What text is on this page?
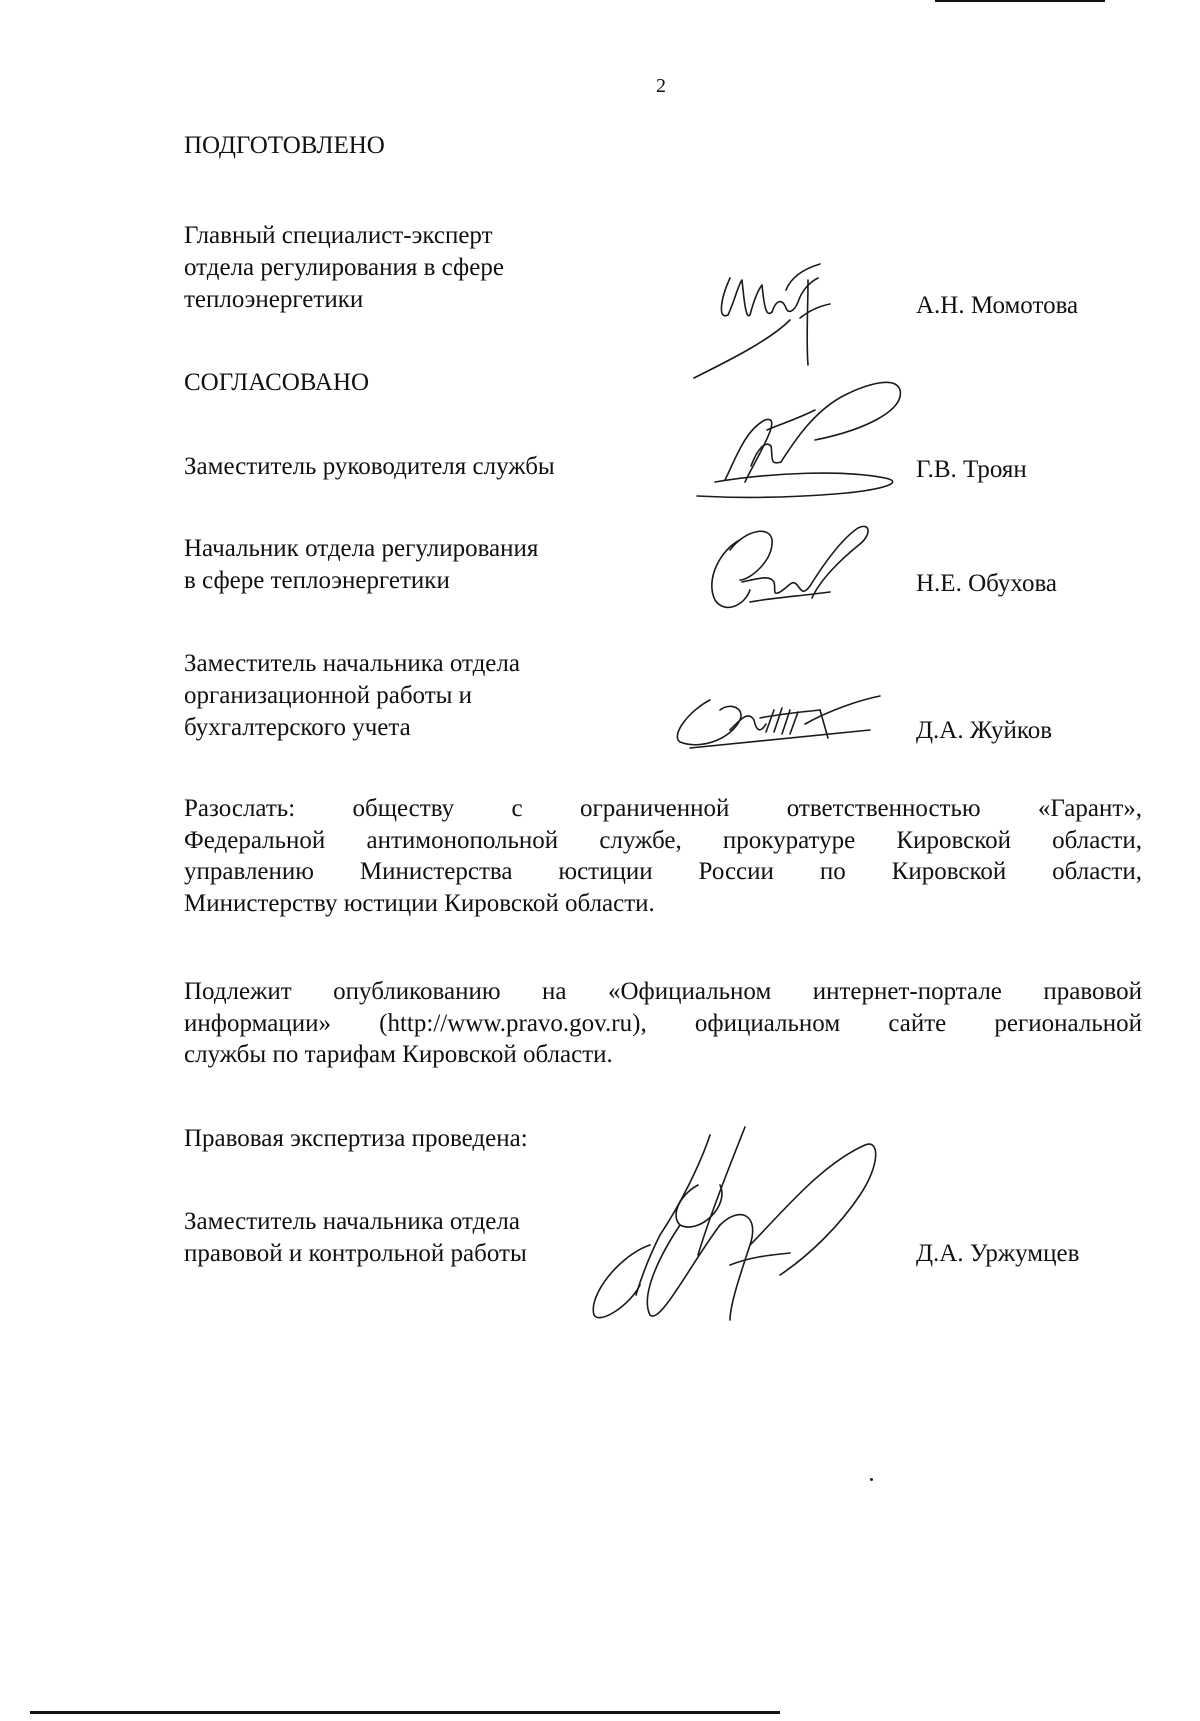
2
ПОДГОТОВЛЕНО
Главный специалист-эксперт
отдела регулирования в сфере
теплоэнергетики	А.Н. Момотова
СОГЛАСОВАНО
Заместитель руководителя службы	Г.В. Троян
Начальник отдела регулирования
в сфере теплоэнергетики	Н.Е. Обухова
Заместитель начальника отдела
организационной работы и
бухгалтерского учета	Д.А. Жуйков
Разослать: обществу с ограниченной ответственностью «Гарант»,
Федеральной антимонопольной службе, прокуратуре Кировской области,
управлению Министерства юстиции России по Кировской области,
Министерству юстиции Кировской области.
Подлежит опубликованию на «Официальном интернет-портале правовой
информации» (http://www.pravo.gov.ru), официальном сайте региональной
службы по тарифам Кировской области.
Правовая экспертиза проведена:
Заместитель начальника отдела
правовой и контрольной работы	Д.А. Уржумцев
